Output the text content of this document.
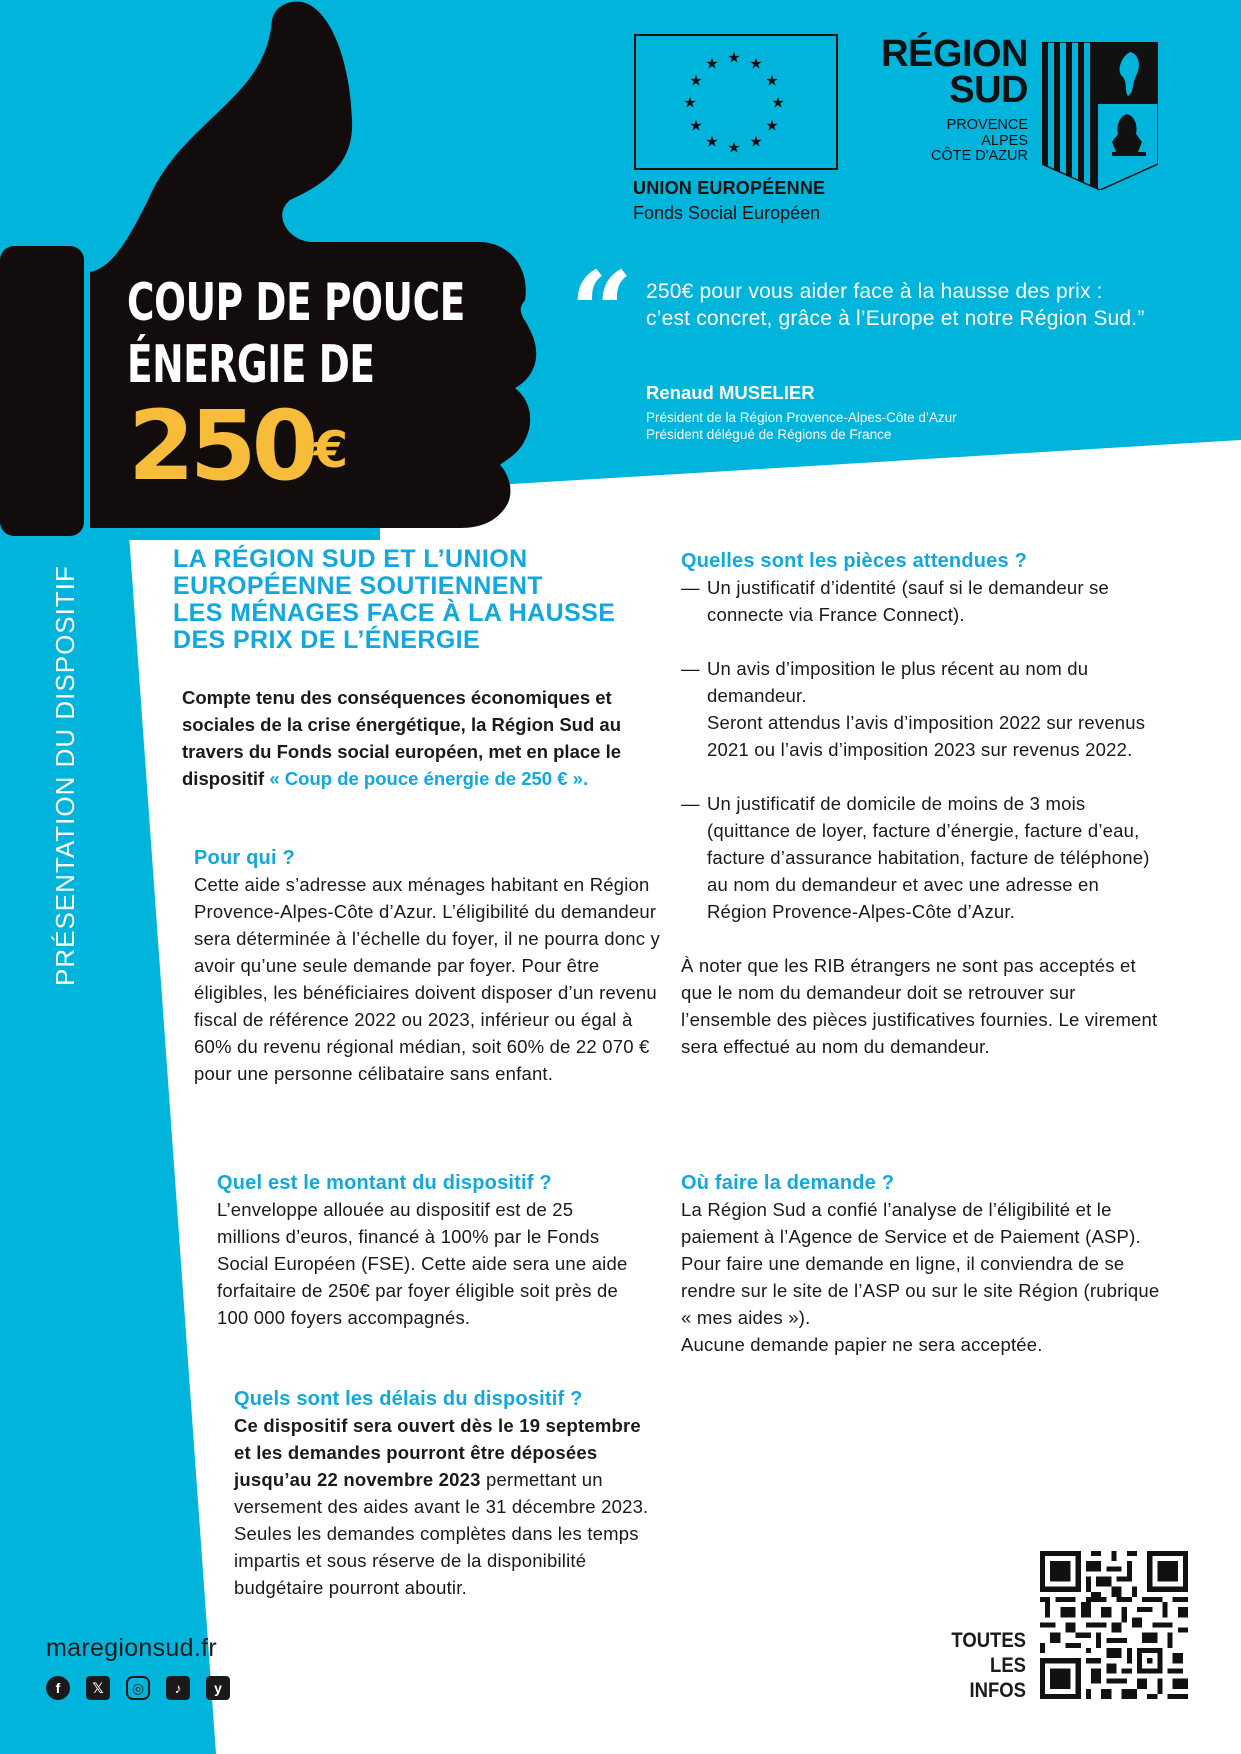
★ ★
★
★
★
★
★
★
★
★
★
★
UNION EUROPÉENNE
Fonds Social Européen
RÉGION
SUD
PROVENCE
ALPES
CÔTE D'AZUR
COUP DE POUCE
ÉNERGIE DE
250€
“ 250€ pour vous aider face à la hausse des prix : c’est concret, grâce à l’Europe et notre Région Sud.”
Renaud MUSELIER
Président de la Région Provence-Alpes-Côte d’Azur
Président délégué de Régions de France
PRÉSENTATION DU DISPOSITIF
LA RÉGION SUD ET L’UNION
EUROPÉENNE SOUTIENNENT
LES MÉNAGES FACE À LA HAUSSE
DES PRIX DE L’ÉNERGIE
Compte tenu des conséquences économiques et sociales de la crise énergétique, la Région Sud au travers du Fonds social européen, met en place le dispositif « Coup de pouce énergie de 250 € ».
Pour qui ?
Cette aide s’adresse aux ménages habitant en Région Provence-Alpes-Côte d’Azur. L’éligibilité du demandeur sera déterminée à l’échelle du foyer, il ne pourra donc y avoir qu’une seule demande par foyer. Pour être éligibles, les bénéficiaires doivent disposer d’un revenu fiscal de référence 2022 ou 2023, inférieur ou égal à 60% du revenu régional médian, soit 60% de 22 070 € pour une personne célibataire sans enfant.
Quel est le montant du dispositif ?
L’enveloppe allouée au dispositif est de 25 millions d’euros, financé à 100% par le Fonds Social Européen (FSE). Cette aide sera une aide forfaitaire de 250€ par foyer éligible soit près de 100 000 foyers accompagnés.
Quels sont les délais du dispositif ?
Ce dispositif sera ouvert dès le 19 septembre et les demandes pourront être déposées jusqu’au 22 novembre 2023 permettant un versement des aides avant le 31 décembre 2023. Seules les demandes complètes dans les temps impartis et sous réserve de la disponibilité budgétaire pourront aboutir.
Quelles sont les pièces attendues ?
— Un justificatif d’identité (sauf si le demandeur se connecte via France Connect).
— Un avis d’imposition le plus récent au nom du demandeur.
Seront attendus l’avis d’imposition 2022 sur revenus 2021 ou l’avis d’imposition 2023 sur revenus 2022.
— Un justificatif de domicile de moins de 3 mois (quittance de loyer, facture d’énergie, facture d’eau, facture d’assurance habitation, facture de téléphone) au nom du demandeur et avec une adresse en Région Provence-Alpes-Côte d’Azur.
À noter que les RIB étrangers ne sont pas acceptés et que le nom du demandeur doit se retrouver sur l’ensemble des pièces justificatives fournies. Le virement sera effectué au nom du demandeur.
Où faire la demande ?
La Région Sud a confié l’analyse de l’éligibilité et le paiement à l’Agence de Service et de Paiement (ASP).
Pour faire une demande en ligne, il conviendra de se rendre sur le site de l’ASP ou sur le site Région (rubrique « mes aides »).
Aucune demande papier ne sera acceptée.
maregionsud.fr
f	𝕏	◎	♪	y
TOUTES
LES INFOS
